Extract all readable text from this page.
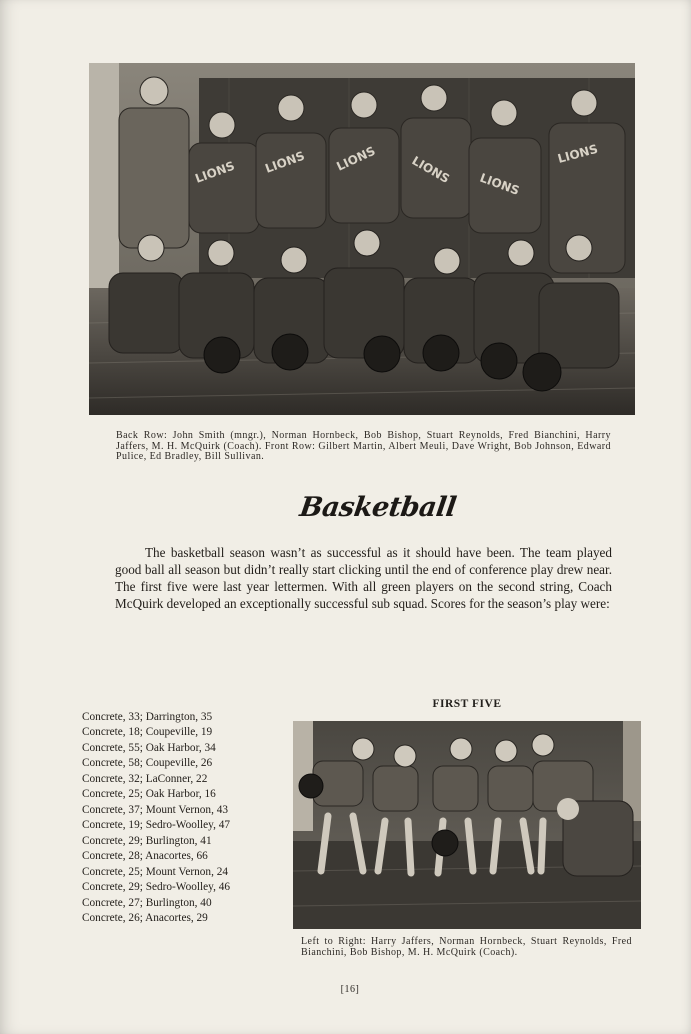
LIONS LIONS LIONS	LIONS LIONS
LIONS
Back Row: John Smith (mngr.), Norman Hornbeck, Bob Bishop, Stuart Reynolds, Fred Bianchini, Harry Jaffers, M. H. McQuirk (Coach). Front Row: Gilbert Martin, Albert Meuli, Dave Wright, Bob Johnson, Edward Pulice, Ed Bradley, Bill Sullivan.
Basketball
The basketball season wasn’t as successful as it should have been. The team played good ball all season but didn’t really start clicking until the end of conference play drew near. The first five were last year lettermen. With all green players on the second string, Coach McQuirk developed an exceptionally successful sub squad. Scores for the season’s play were:
FIRST FIVE
Concrete, 33; Darrington, 35
Concrete, 18; Coupeville, 19
Concrete, 55; Oak Harbor, 34
Concrete, 58; Coupeville, 26
Concrete, 32; LaConner, 22
Concrete, 25; Oak Harbor, 16
Concrete, 37; Mount Vernon, 43
Concrete, 19; Sedro-Woolley, 47
Concrete, 29; Burlington, 41
Concrete, 28; Anacortes, 66
Concrete, 25; Mount Vernon, 24
Concrete, 29; Sedro-Woolley, 46
Concrete, 27; Burlington, 40
Concrete, 26; Anacortes, 29
Left to Right: Harry Jaffers, Norman Hornbeck, Stuart Reynolds, Fred Bianchini, Bob Bishop, M. H. McQuirk (Coach).
[16]
